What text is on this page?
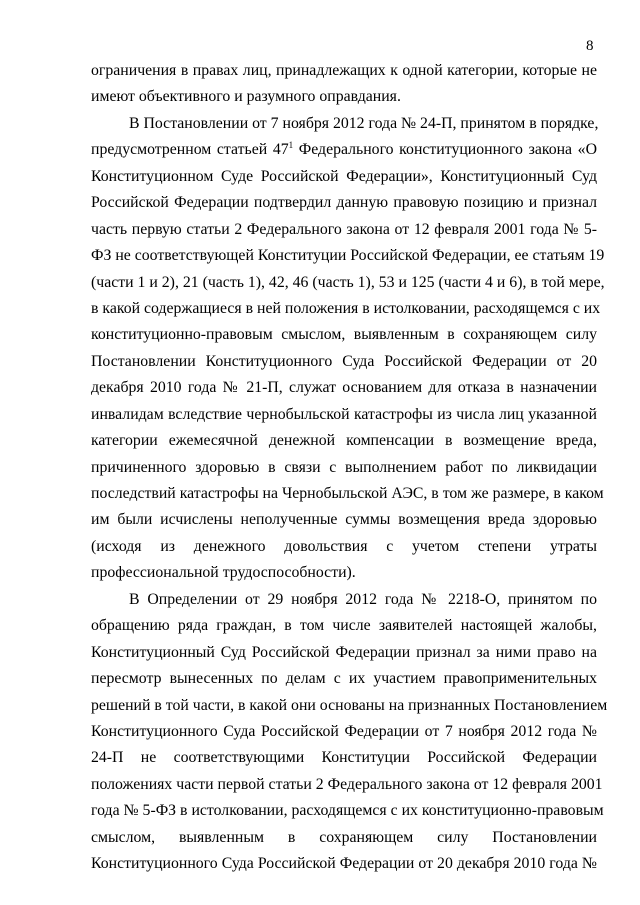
8
ограничения в правах лиц, принадлежащих к одной категории, которые не
имеют объективного и разумного оправдания.
В Постановлении от 7 ноября 2012 года № 24-П, принятом в порядке,
предусмотренном статьей $47^1$ Федерального конституционного закона «О
Конституционном Суде Российской Федерации», Конституционный Суд
Российской Федерации подтвердил данную правовую позицию и признал
часть первую статьи 2 Федерального закона от 12 февраля 2001 года № 5-
ФЗ не соответствующей Конституции Российской Федерации, ее статьям 19
(части 1 и 2), 21 (часть 1), 42, 46 (часть 1), 53 и 125 (части 4 и 6), в той мере,
в какой содержащиеся в ней положения в истолковании, расходящемся с их
конституционно-правовым смыслом, выявленным в сохраняющем силу
Постановлении Конституционного Суда Российской Федерации от 20
декабря 2010 года № 21-П, служат основанием для отказа в назначении
инвалидам вследствие чернобыльской катастрофы из числа лиц указанной
категории ежемесячной денежной компенсации в возмещение вреда,
причиненного здоровью в связи с выполнением работ по ликвидации
последствий катастрофы на Чернобыльской АЭС, в том же размере, в каком
им были исчислены неполученные суммы возмещения вреда здоровью
(исходя из денежного довольствия с учетом степени утраты
профессиональной трудоспособности).
В Определении от 29 ноября 2012 года № 2218-О, принятом по
обращению ряда граждан, в том числе заявителей настоящей жалобы,
Конституционный Суд Российской Федерации признал за ними право на
пересмотр вынесенных по делам с их участием правоприменительных
решений в той части, в какой они основаны на признанных Постановлением
Конституционного Суда Российской Федерации от 7 ноября 2012 года №
24-П не соответствующими Конституции Российской Федерации
положениях части первой статьи 2 Федерального закона от 12 февраля 2001
года № 5-ФЗ в истолковании, расходящемся с их конституционно-правовым
смыслом, выявленным в сохраняющем силу Постановлении
Конституционного Суда Российской Федерации от 20 декабря 2010 года №
